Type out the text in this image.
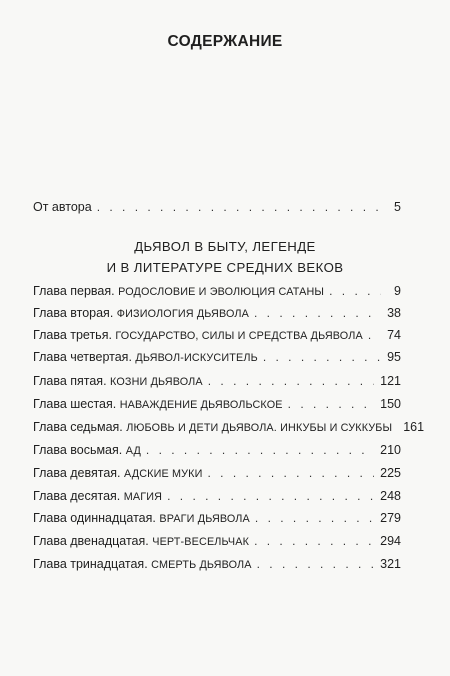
СОДЕРЖАНИЕ
От автора . . .	5
ДЬЯВОЛ В БЫТУ, ЛЕГЕНДЕ
И В ЛИТЕРАТУРЕ СРЕДНИХ ВЕКОВ
Глава первая. РОДОСЛОВИЕ И ЭВОЛЮЦИЯ САТАНЫ . . .	9
Глава вторая. ФИЗИОЛОГИЯ ДЬЯВОЛА . . .	38
Глава третья. ГОСУДАРСТВО, СИЛЫ И СРЕДСТВА ДЬЯВОЛА . . . 74
Глава четвертая. ДЬЯВОЛ-ИСКУСИТЕЛЬ . . .	95
Глава пятая. КОЗНИ ДЬЯВОЛА . . .	121
Глава шестая. НАВАЖДЕНИЕ ДЬЯВОЛЬСКОЕ . . .	150
Глава седьмая. ЛЮБОВЬ И ДЕТИ ДЬЯВОЛА. ИНКУБЫ И СУККУБЫ 161
Глава восьмая. АД . . .	210
Глава девятая. АДСКИЕ МУКИ . . .	225
Глава десятая. МАГИЯ . . .	248
Глава одиннадцатая. ВРАГИ ДЬЯВОЛА . . .	279
Глава двенадцатая. ЧЕРТ-ВЕСЕЛЬЧАК . . .	294
Глава тринадцатая. СМЕРТЬ ДЬЯВОЛА . . .	321
